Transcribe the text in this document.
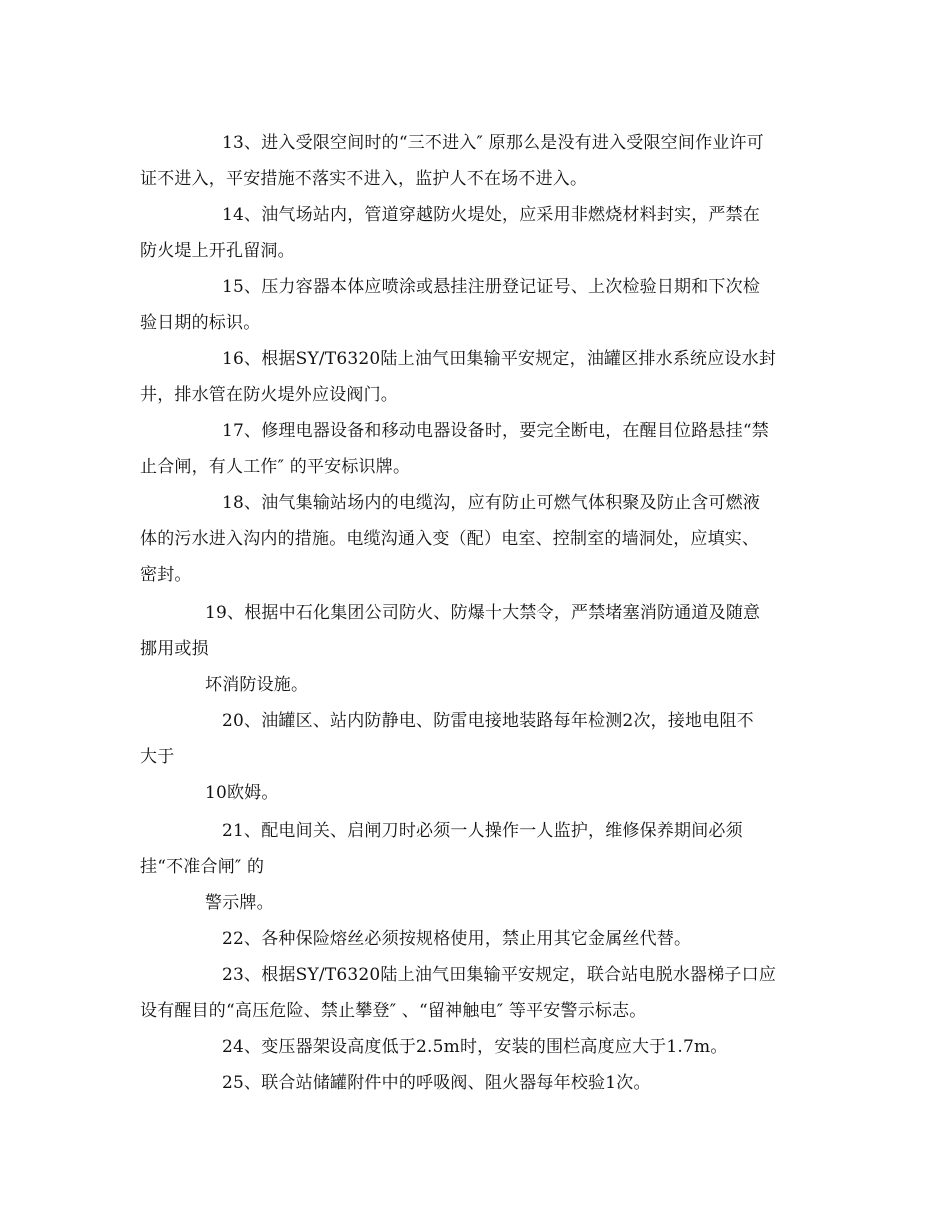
13、进入受限空间时的“三不进入″ 原那么是没有进入受限空间作业许可
证不进入，平安措施不落实不进入，监护人不在场不进入。
14、油气场站内，管道穿越防火堤处，应采用非燃烧材料封实，严禁在
防火堤上开孔留洞。
15、压力容器本体应喷涂或悬挂注册登记证号、上次检验日期和下次检
验日期的标识。
16、根据SY/T6320陆上油气田集输平安规定，油罐区排水系统应设水封
井，排水管在防火堤外应设阀门。
17、修理电器设备和移动电器设备时，要完全断电，在醒目位路悬挂“禁
止合闸，有人工作″ 的平安标识牌。
18、油气集输站场内的电缆沟，应有防止可燃气体积聚及防止含可燃液
体的污水进入沟内的措施。电缆沟通入变（配）电室、控制室的墙洞处，应填实、
密封。
19、根据中石化集团公司防火、防爆十大禁令，严禁堵塞消防通道及随意
挪用或损
坏消防设施。
20、油罐区、站内防静电、防雷电接地装路每年检测2次，接地电阻不
大于
10欧姆。
21、配电间关、启闸刀时必须一人操作一人监护，维修保养期间必须
挂“不准合闸″ 的
警示牌。
22、各种保险熔丝必须按规格使用，禁止用其它金属丝代替。
23、根据SY/T6320陆上油气田集输平安规定，联合站电脱水器梯子口应
设有醒目的“高压危险、禁止攀登″ 、“留神触电″ 等平安警示标志。
24、变压器架设高度低于2.5m时，安装的围栏高度应大于1.7m。
25、联合站储罐附件中的呼吸阀、阻火器每年校验1次。
